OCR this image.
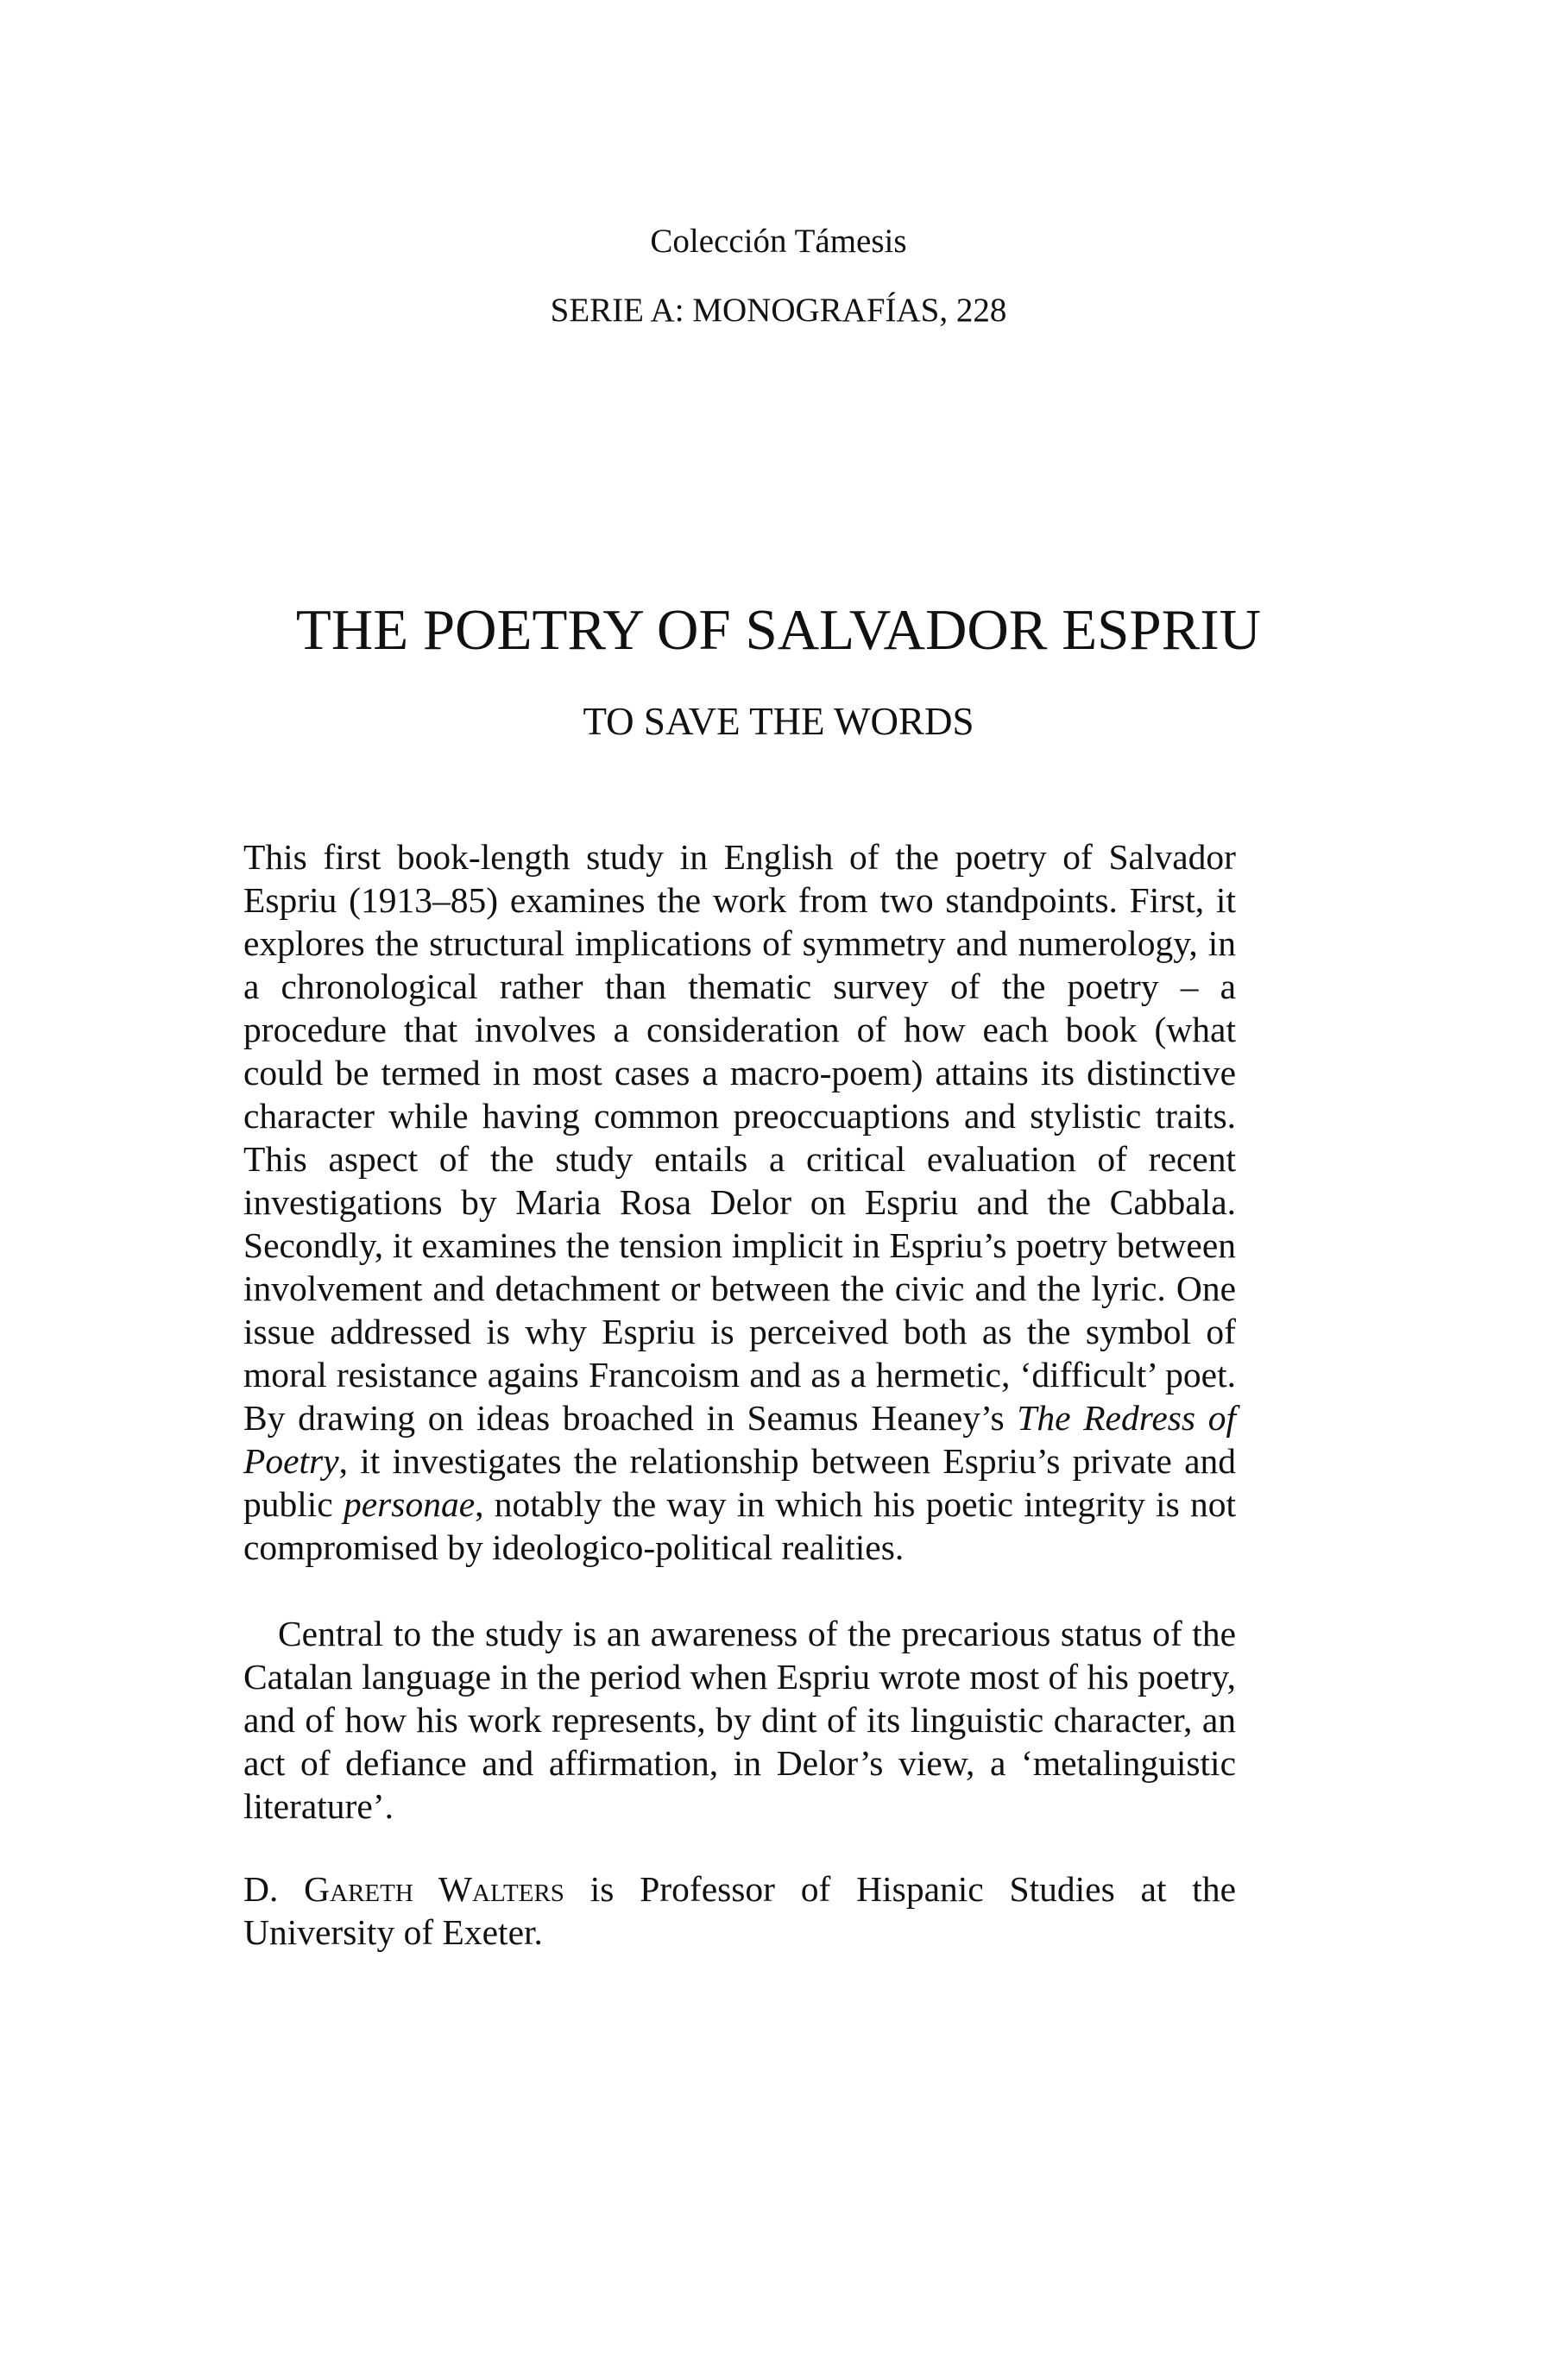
Colección Támesis
SERIE A: MONOGRAFÍAS, 228
THE POETRY OF SALVADOR ESPRIU
TO SAVE THE WORDS

This first book-length study in English of the poetry of Salvador Espriu (1913–85) examines the work from two standpoints. First, it explores the structural implications of symmetry and numerology, in a chronological rather than thematic survey of the poetry – a procedure that involves a consideration of how each book (what could be termed in most cases a macro-poem) attains its distinctive character while having common preoccuaptions and stylistic traits. This aspect of the study entails a critical evaluation of recent investigations by Maria Rosa Delor on Espriu and the Cabbala. Secondly, it examines the tension implicit in Espriu’s poetry between involvement and detachment or between the civic and the lyric. One issue addressed is why Espriu is perceived both as the symbol of moral resistance agains Francoism and as a hermetic, ‘difficult’ poet. By drawing on ideas broached in Seamus Heaney’s The Redress of Poetry, it investigates the relationship between Espriu’s private and public personae, notably the way in which his poetic integrity is not compromised by ideologico-political realities.

Central to the study is an awareness of the precarious status of the Catalan language in the period when Espriu wrote most of his poetry, and of how his work represents, by dint of its linguistic character, an act of defiance and affirmation, in Delor’s view, a ‘metalinguistic literature’.

D. Gareth Walters is Professor of Hispanic Studies at the University of Exeter.
